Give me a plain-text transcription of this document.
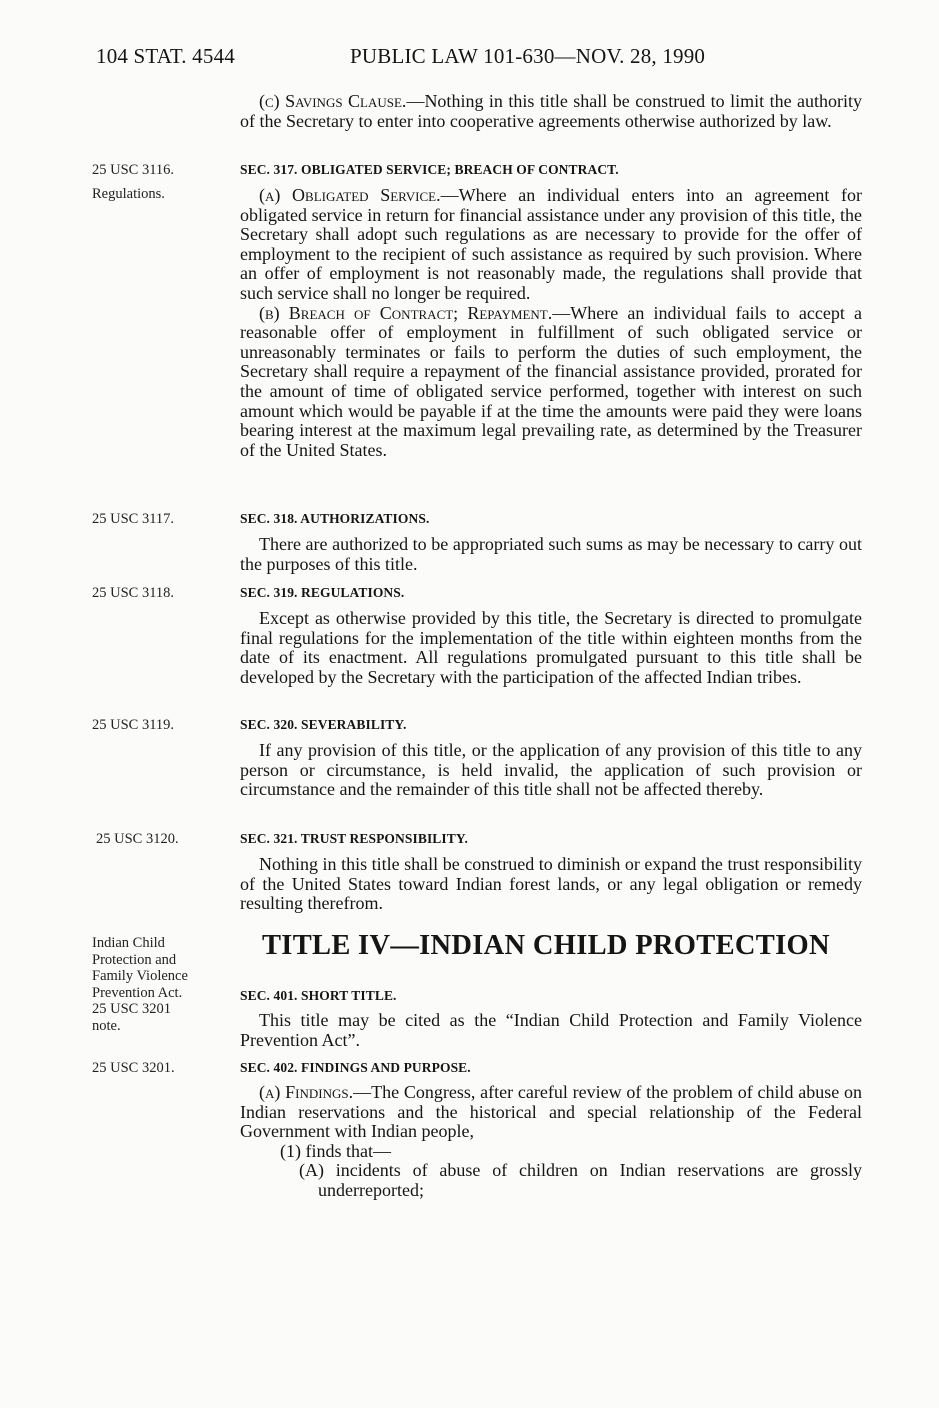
104 STAT. 4544	PUBLIC LAW 101-630—NOV. 28, 1990

(c) Savings Clause.—Nothing in this title shall be construed to limit the authority of the Secretary to enter into cooperative agreements otherwise authorized by law.

25 USC 3116.	SEC. 317. OBLIGATED SERVICE; BREACH OF CONTRACT.
Regulations.	(a) Obligated Service.—Where an individual enters into an agreement for obligated service in return for financial assistance under any provision of this title, the Secretary shall adopt such regulations as are necessary to provide for the offer of employment to the recipient of such assistance as required by such provision. Where an offer of employment is not reasonably made, the regulations shall provide that such service shall no longer be required.

(b) Breach of Contract; Repayment.—Where an individual fails to accept a reasonable offer of employment in fulfillment of such obligated service or unreasonably terminates or fails to perform the duties of such employment, the Secretary shall require a repayment of the financial assistance provided, prorated for the amount of time of obligated service performed, together with interest on such amount which would be payable if at the time the amounts were paid they were loans bearing interest at the maximum legal prevailing rate, as determined by the Treasurer of the United States.

25 USC 3117.	SEC. 318. AUTHORIZATIONS.

There are authorized to be appropriated such sums as may be necessary to carry out the purposes of this title.

25 USC 3118.	SEC. 319. REGULATIONS.

Except as otherwise provided by this title, the Secretary is directed to promulgate final regulations for the implementation of the title within eighteen months from the date of its enactment. All regulations promulgated pursuant to this title shall be developed by the Secretary with the participation of the affected Indian tribes.

25 USC 3119.	SEC. 320. SEVERABILITY.

If any provision of this title, or the application of any provision of this title to any person or circumstance, is held invalid, the application of such provision or circumstance and the remainder of this title shall not be affected thereby.

25 USC 3120.	SEC. 321. TRUST RESPONSIBILITY.

Nothing in this title shall be construed to diminish or expand the trust responsibility of the United States toward Indian forest lands, or any legal obligation or remedy resulting therefrom.

TITLE IV—INDIAN CHILD PROTECTION
Indian Child
Protection and
Family Violence
Prevention Act.
25 USC 3201
note.
SEC. 401. SHORT TITLE.

This title may be cited as the “Indian Child Protection and Family Violence Prevention Act”.

25 USC 3201.	SEC. 402. FINDINGS AND PURPOSE.

(a) Findings.—The Congress, after careful review of the problem of child abuse on Indian reservations and the historical and special relationship of the Federal Government with Indian people,

(1) finds that—

(A) incidents of abuse of children on Indian reservations are grossly underreported;
